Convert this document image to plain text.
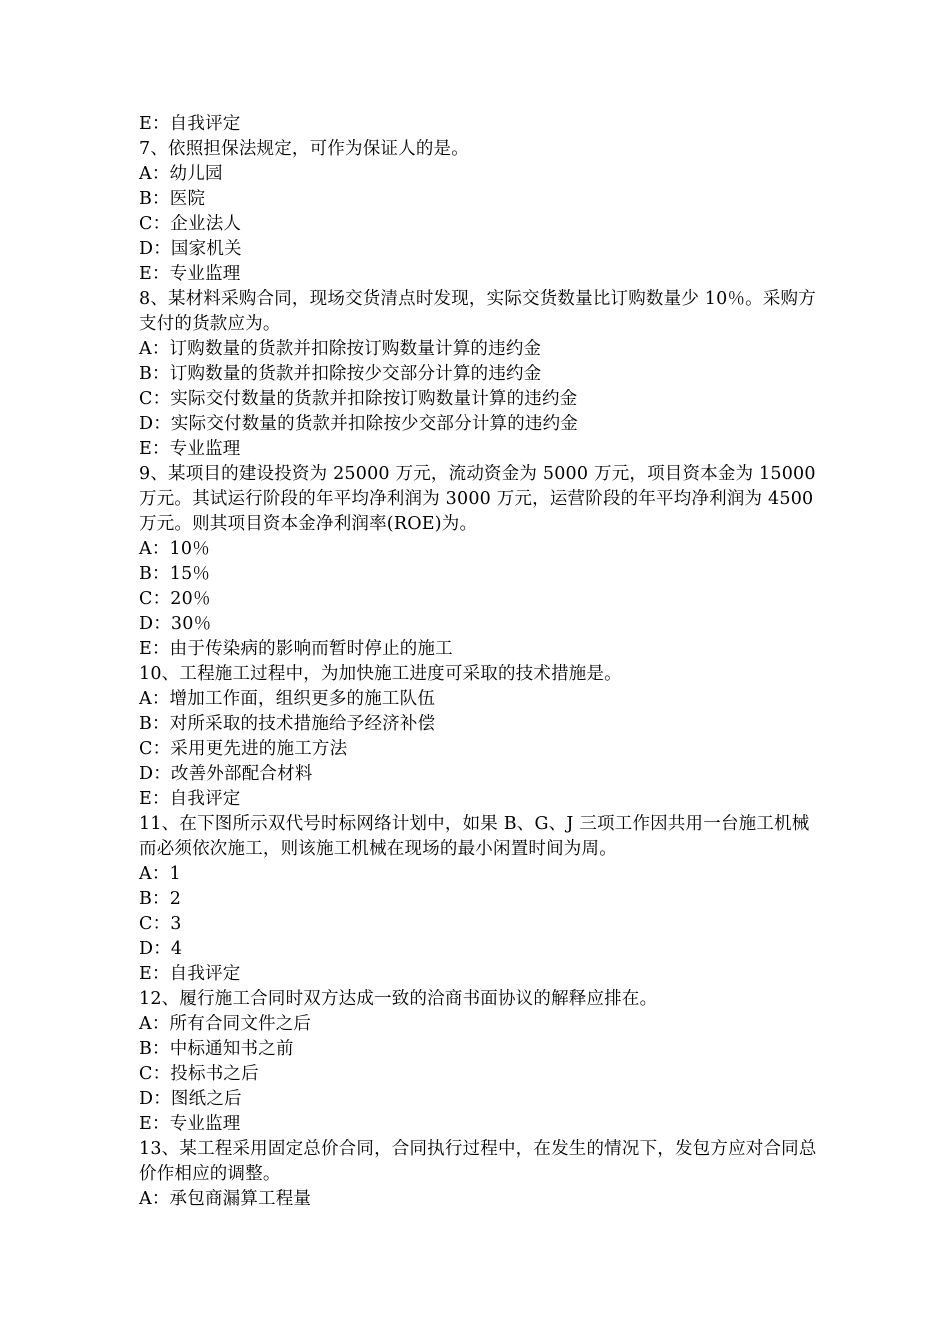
E：自我评定
7、依照担保法规定，可作为保证人的是。
A：幼儿园
B：医院
C：企业法人
D：国家机关
E：专业监理
8、某材料采购合同，现场交货清点时发现，实际交货数量比订购数量少 10％。采购方支付的货款应为。
A：订购数量的货款并扣除按订购数量计算的违约金
B：订购数量的货款并扣除按少交部分计算的违约金
C：实际交付数量的货款并扣除按订购数量计算的违约金
D：实际交付数量的货款并扣除按少交部分计算的违约金
E：专业监理
9、某项目的建设投资为 25000 万元，流动资金为 5000 万元，项目资本金为 15000 万元。其试运行阶段的年平均净利润为 3000 万元，运营阶段的年平均净利润为 4500 万元。则其项目资本金净利润率(ROE)为。
A：10％
B：15％
C：20％
D：30％
E：由于传染病的影响而暂时停止的施工
10、工程施工过程中，为加快施工进度可采取的技术措施是。
A：增加工作面，组织更多的施工队伍
B：对所采取的技术措施给予经济补偿
C：采用更先进的施工方法
D：改善外部配合材料
E：自我评定
11、在下图所示双代号时标网络计划中，如果 B、G、J 三项工作因共用一台施工机械而必须依次施工，则该施工机械在现场的最小闲置时间为周。
A：1
B：2
C：3
D：4
E：自我评定
12、履行施工合同时双方达成一致的洽商书面协议的解释应排在。
A：所有合同文件之后
B：中标通知书之前
C：投标书之后
D：图纸之后
E：专业监理
13、某工程采用固定总价合同，合同执行过程中，在发生的情况下，发包方应对合同总价作相应的调整。
A：承包商漏算工程量
